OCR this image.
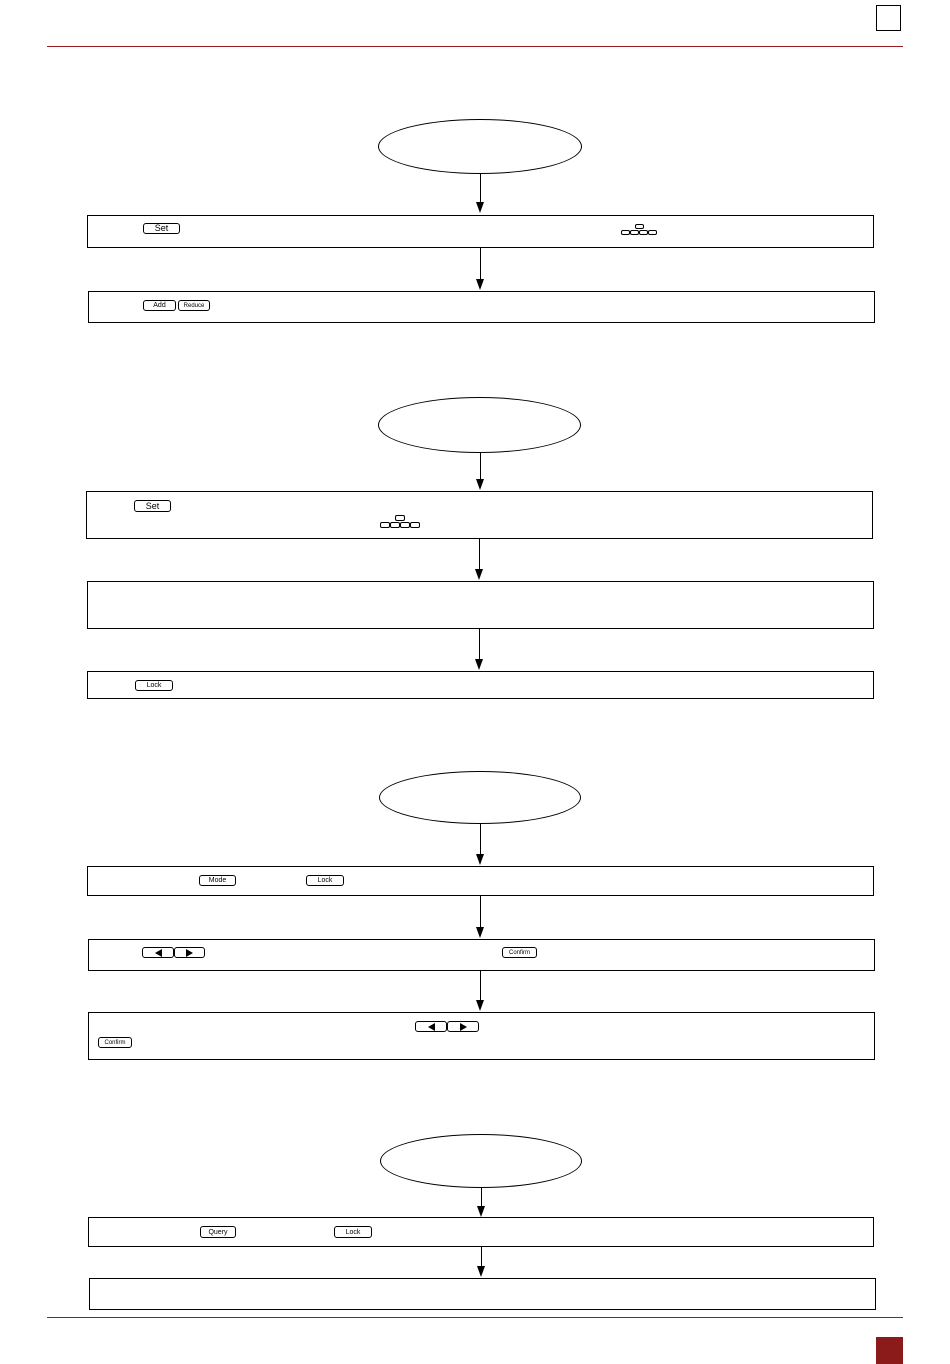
Set
Add	Reduce
Set
Lock
Mode	Lock
Confirm
Confirm
Query	Lock
